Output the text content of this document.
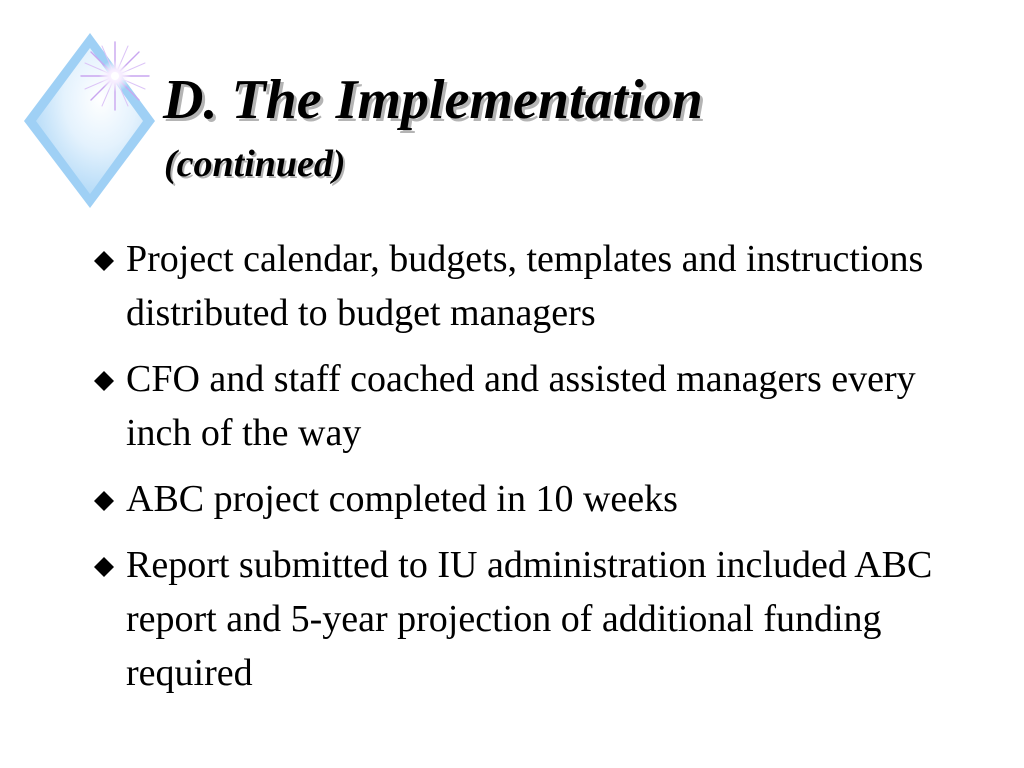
D. The Implementation
(continued)
Project calendar, budgets, templates and instructions distributed to budget managers
CFO and staff coached and assisted managers every inch of the way
ABC project completed in 10 weeks
Report submitted to IU administration included ABC report and 5-year projection of additional funding required
